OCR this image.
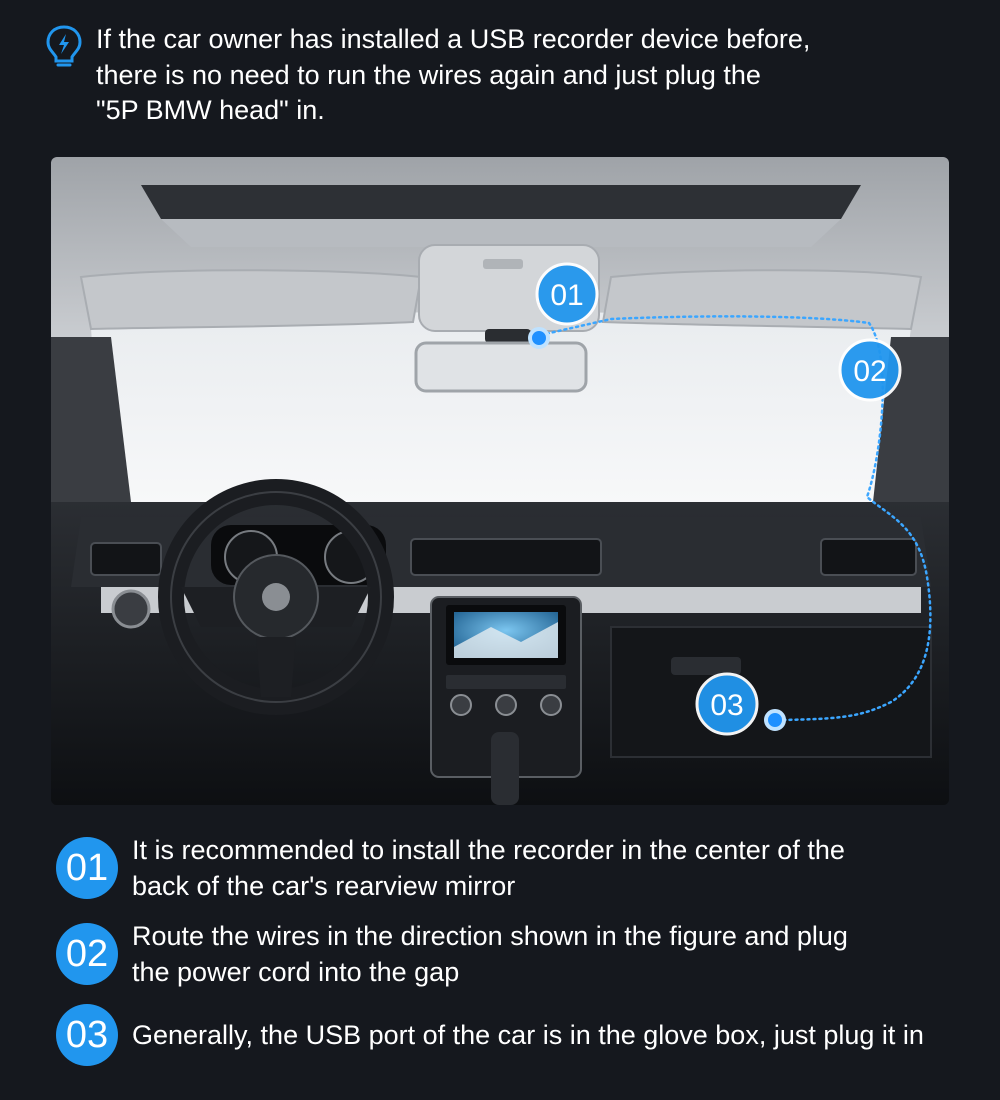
If the car owner has installed a USB recorder device before,
there is no need to run the wires again and just plug the
"5P BMW head" in.
01
02
03
01 It is recommended to install the recorder in the center of the
back of the car's rearview mirror
02 Route the wires in the direction shown in the figure and plug
the power cord into the gap
03 Generally, the USB port of the car is in the glove box, just plug it in
